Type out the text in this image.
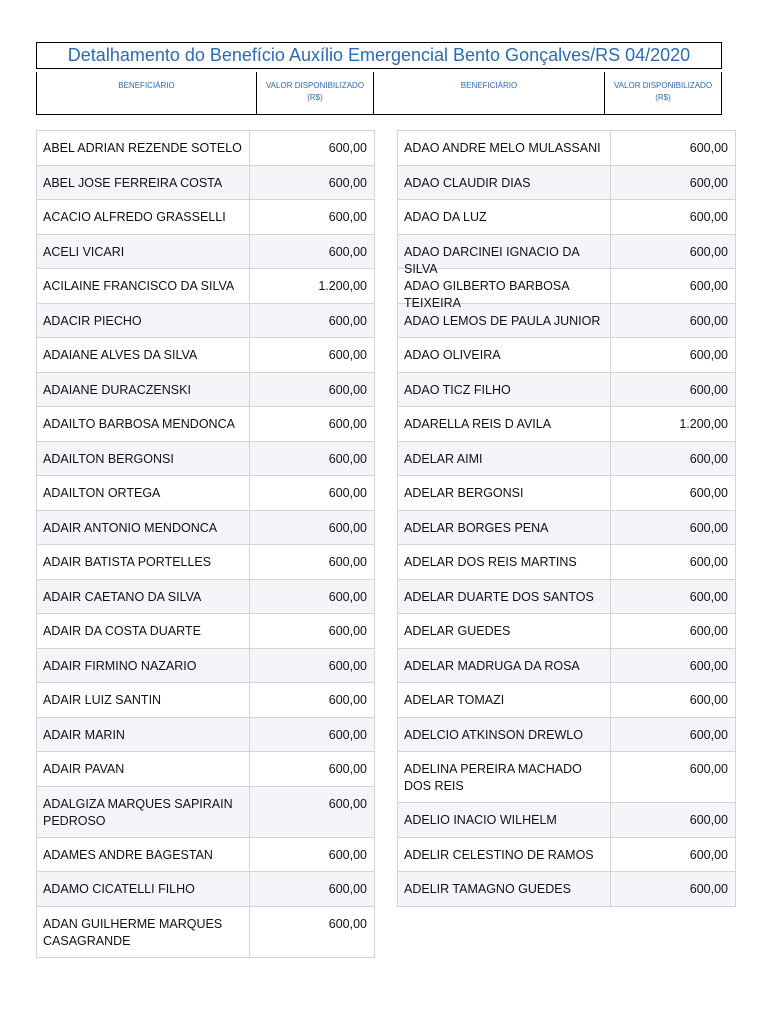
Detalhamento do Benefício Auxílio Emergencial Bento Gonçalves/RS 04/2020
BENEFICIÁRIO	VALOR DISPONIBILIZADO
(R$)
BENEFICIÁRIO	VALOR DISPONIBILIZADO
(R$)
ABEL ADRIAN REZENDE SOTELO	600,00
ABEL JOSE FERREIRA COSTA	600,00
ACACIO ALFREDO GRASSELLI	600,00
ACELI VICARI	600,00
ACILAINE FRANCISCO DA SILVA	1.200,00
ADACIR PIECHO	600,00
ADAIANE ALVES DA SILVA	600,00
ADAIANE DURACZENSKI	600,00
ADAILTO BARBOSA MENDONCA	600,00
ADAILTON BERGONSI	600,00
ADAILTON ORTEGA	600,00
ADAIR ANTONIO MENDONCA	600,00
ADAIR BATISTA PORTELLES	600,00
ADAIR CAETANO DA SILVA	600,00
ADAIR DA COSTA DUARTE	600,00
ADAIR FIRMINO NAZARIO	600,00
ADAIR LUIZ SANTIN	600,00
ADAIR MARIN	600,00
ADAIR PAVAN	600,00
ADALGIZA MARQUES SAPIRAIN PEDROSO
600,00
ADAMES ANDRE BAGESTAN	600,00
ADAMO CICATELLI FILHO	600,00
ADAN GUILHERME MARQUES CASAGRANDE
600,00
ADAO ANDRE MELO MULASSANI	600,00
ADAO CLAUDIR DIAS	600,00
ADAO DA LUZ	600,00
ADAO DARCINEI IGNACIO DA SILVA
600,00
ADAO GILBERTO BARBOSA TEIXEIRA
600,00
ADAO LEMOS DE PAULA JUNIOR	600,00
ADAO OLIVEIRA	600,00
ADAO TICZ FILHO	600,00
ADARELLA REIS D AVILA	1.200,00
ADELAR AIMI	600,00
ADELAR BERGONSI	600,00
ADELAR BORGES PENA	600,00
ADELAR DOS REIS MARTINS	600,00
ADELAR DUARTE DOS SANTOS	600,00
ADELAR GUEDES	600,00
ADELAR MADRUGA DA ROSA	600,00
ADELAR TOMAZI	600,00
ADELCIO ATKINSON DREWLO	600,00
ADELINA PEREIRA MACHADO DOS REIS
600,00
ADELIO INACIO WILHELM	600,00
ADELIR CELESTINO DE RAMOS	600,00
ADELIR TAMAGNO GUEDES	600,00
